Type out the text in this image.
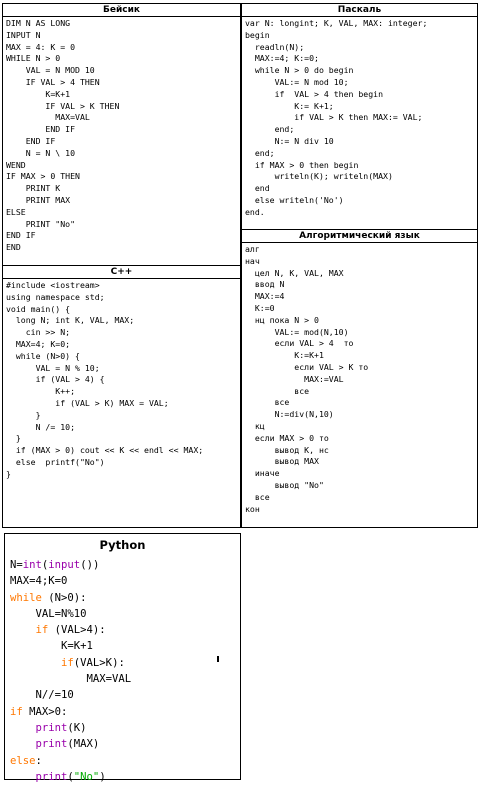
Бейсик
DIM N AS LONG
INPUT N
MAX = 4: K = 0
WHILE N > 0
VAL = N MOD 10
IF VAL > 4 THEN
K=K+1
IF VAL > K THEN
MAX=VAL
END IF
END IF
N = N \ 10
WEND
IF MAX > 0 THEN
PRINT K
PRINT MAX
ELSE
PRINT "No"
END IF
END
Паскаль
var N: longint; K, VAL, MAX: integer;
begin
readln(N);
MAX:=4; K:=0;
while N > 0 do begin
VAL:= N mod 10;
if  VAL > 4 then begin
K:= K+1;
if VAL > K then MAX:= VAL;
end;
N:= N div 10
end;
if MAX > 0 then begin
writeln(K); writeln(MAX)
end
else writeln('No')
end.
C++
#include <iostream>
using namespace std;
void main() {
long N; int K, VAL, MAX;
cin >> N;
MAX=4; K=0;
while (N>0) {
VAL = N % 10;
if (VAL > 4) {
K++;
if (VAL > K) MAX = VAL;
}
N /= 10;
}
if (MAX > 0) cout << K << endl << MAX;
else  printf("No")
}
Алгоритмический язык
алг
нач
цел N, K, VAL, MAX
ввод N
MAX:=4
K:=0
нц пока N > 0
VAL:= mod(N,10)
если VAL > 4  то
K:=K+1
если VAL > K то
MAX:=VAL
все
все
N:=div(N,10)
кц
если MAX > 0 то
вывод K, нс
вывод MAX
иначе
вывод "No"
все
кон
Python
N=int(input())
MAX=4;K=0
while (N>0):
VAL=N%10
if (VAL>4):
K=K+1
if(VAL>K):
MAX=VAL
N//=10
if MAX>0:
print(K)
print(MAX)
else:
print("No")
